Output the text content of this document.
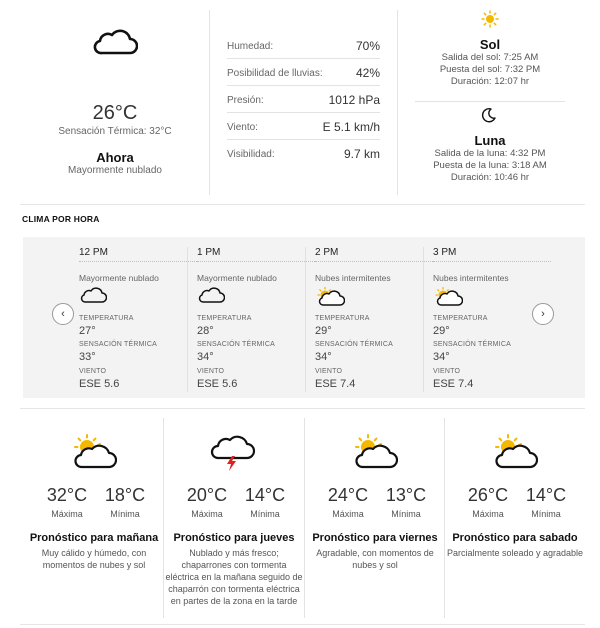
26°C
Sensación Térmica: 32°C
Ahora
Mayormente nublado
Humedad:	70%
Posibilidad de lluvias:	42%
Presión:	1012 hPa
Viento:	E 5.1 km/h
Visibilidad:	9.7 km
Sol
Salida del sol: 7:25 AM
Puesta del sol: 7:32 PM
Duración: 12:07 hr
Luna
Salida de la luna: 4:32 PM
Puesta de la luna: 3:18 AM
Duración: 10:46 hr
CLIMA POR HORA
12 PM
Mayormente nublado
TEMPERATURA
27°
SENSACIÓN TÉRMICA
33°
VIENTO
ESE 5.6
1 PM
Mayormente nublado
TEMPERATURA
28°
SENSACIÓN TÉRMICA
34°
VIENTO
ESE 5.6
2 PM
Nubes intermitentes
TEMPERATURA
29°
SENSACIÓN TÉRMICA
34°
VIENTO
ESE 7.4
3 PM
Nubes intermitentes
TEMPERATURA
29°
SENSACIÓN TÉRMICA
34°
VIENTO
ESE 7.4
‹	›
32°C 18°C
Máxima	Mínima
Pronóstico para mañana
Muy cálido y húmedo, con momentos de nubes y sol
20°C 14°C
Máxima	Mínima
Pronóstico para jueves
Nublado y más fresco; chaparrones con tormenta eléctrica en la mañana seguido de chaparrón con tormenta eléctrica en partes de la zona en la tarde
24°C 13°C
Máxima	Mínima
Pronóstico para viernes
Agradable, con momentos de nubes y sol
26°C 14°C
Máxima	Mínima
Pronóstico para sabado
Parcialmente soleado y agradable
